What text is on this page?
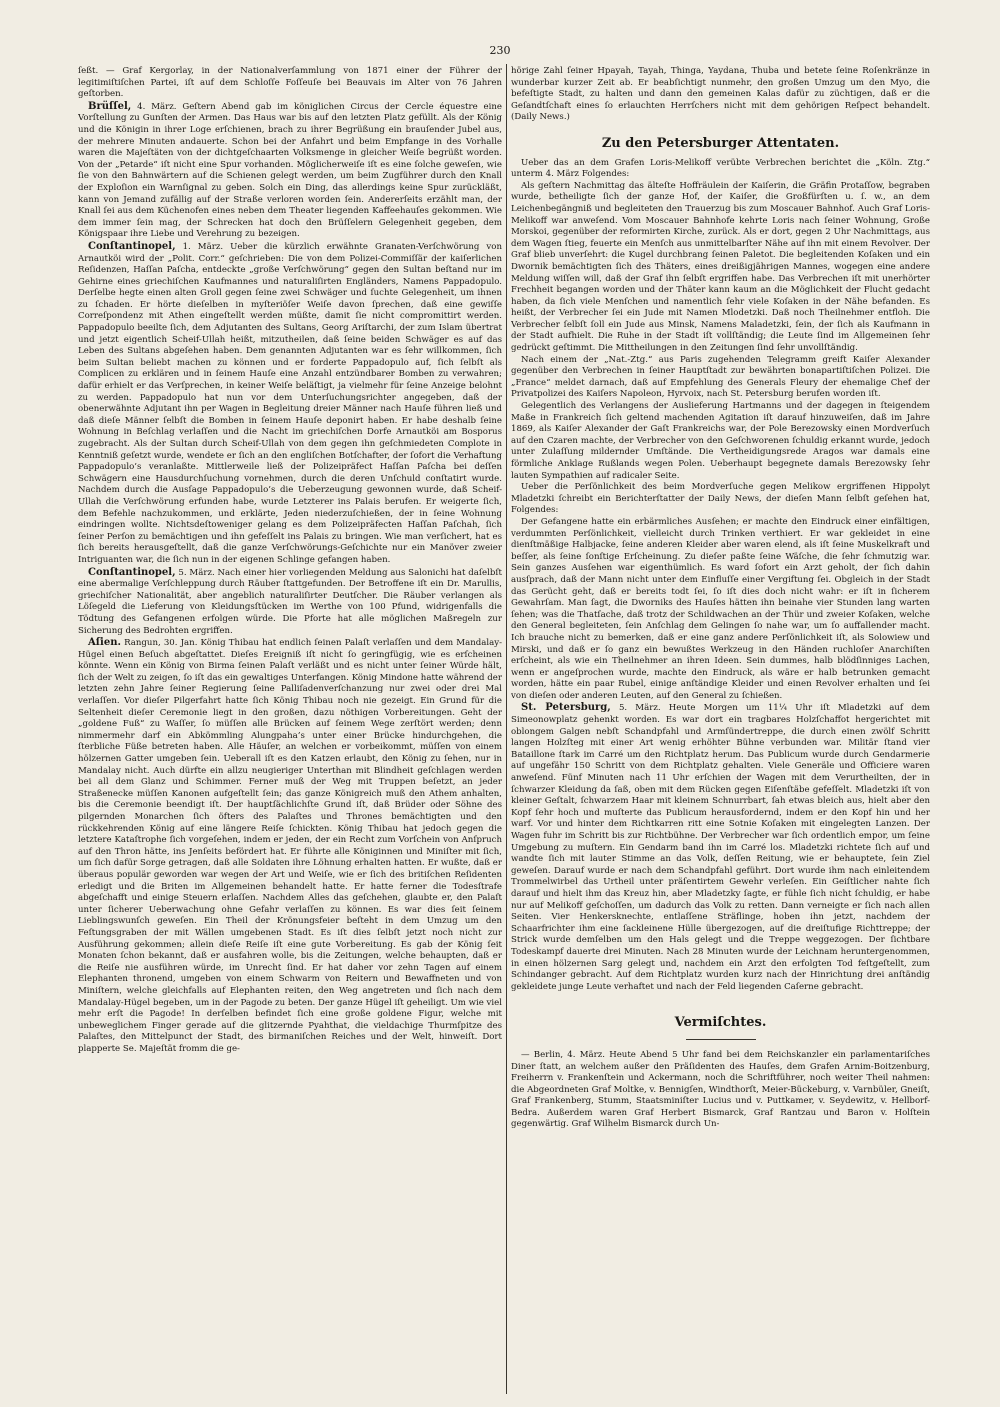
230

ſeßt. — Graf Kergorlay, in der Nationalverſammlung von 1871 einer der Führer der legitimiſtiſchen Partei, iſt auf dem Schloſſe Foſſeuſe bei Beauvais im Alter von 76 Jahren geſtorben.

Brüſſel, 4. März. Geſtern Abend gab im königlichen Circus der Cercle équestre eine Vorſtellung zu Gunſten der Armen. Das Haus war bis auf den letzten Platz gefüllt. Als der König und die Königin in ihrer Loge erſchienen, brach zu ihrer Begrüßung ein brauſender Jubel aus, der mehrere Minuten andauerte. Schon bei der Anfahrt und beim Empfange in des Vorhalle waren die Majeſtäten von der dichtgeſchaarten Volksmenge in gleicher Weiſe begrüßt worden. Von der „Petarde“ iſt nicht eine Spur vorhanden. Möglicherweiſe iſt es eine ſolche geweſen, wie ſie von den Bahnwärtern auf die Schienen gelegt werden, um beim Zugführer durch den Knall der Exploſion ein Warnſignal zu geben. Solch ein Ding, das allerdings keine Spur zurückläßt, kann von Jemand zufällig auf der Straße verloren worden ſein. Andererſeits erzählt man, der Knall ſei aus dem Küchenofen eines neben dem Theater liegenden Kaffeehauſes gekommen. Wie dem immer ſein mag, der Schrecken hat doch den Brüſſelern Gelegenheit gegeben, dem Königspaar ihre Liebe und Verehrung zu bezeigen.

Conſtantinopel, 1. März. Ueber die kürzlich erwähnte Granaten-Verſchwörung von Arnautköi wird der „Polit. Corr.“ geſchrieben: Die von dem Polizei-Commiſſär der kaiſerlichen Reſidenzen, Haſſan Paſcha, entdeckte „große Verſchwörung“ gegen den Sultan beſtand nur im Gehirne eines griechiſchen Kaufmannes und naturaliſirten Engländers, Namens Pappadopulo. Derſelbe hegte einen alten Groll gegen ſeine zwei Schwäger und ſuchte Gelegenheit, um ihnen zu ſchaden. Er hörte dieſelben in myſteriöſer Weiſe davon ſprechen, daß eine gewiſſe Correſpondenz mit Athen eingeſtellt werden müßte, damit ſie nicht compromittirt werden. Pappadopulo beeilte ſich, dem Adjutanten des Sultans, Georg Ariſtarchi, der zum Islam übertrat und jetzt eigentlich Scheif-Ullah heißt, mitzutheilen, daß ſeine beiden Schwäger es auf das Leben des Sultans abgeſehen haben. Dem genannten Adjutanten war es ſehr willkommen, ſich beim Sultan beliebt machen zu können und er forderte Pappadopulo auf, ſich ſelbſt als Complicen zu erklären und in ſeinem Hauſe eine Anzahl entzündbarer Bomben zu verwahren; dafür erhielt er das Verſprechen, in keiner Weiſe beläſtigt, ja vielmehr für ſeine Anzeige belohnt zu werden. Pappadopulo hat nun vor dem Unterſuchungsrichter angegeben, daß der obenerwähnte Adjutant ihn per Wagen in Begleitung dreier Männer nach Hauſe führen ließ und daß dieſe Männer ſelbſt die Bomben in ſeinem Hauſe deponirt haben. Er habe deshalb ſeine Wohnung in Beſchlag verlaſſen und die Nacht im griechiſchen Dorfe Arnautköi am Bosporus zugebracht. Als der Sultan durch Scheif-Ullah von dem gegen ihn geſchmiedeten Complote in Kenntniß geſetzt wurde, wendete er ſich an den engliſchen Botſchafter, der ſofort die Verhaftung Pappadopulo’s veranlaßte. Mittlerweile ließ der Polizeipräfect Haſſan Paſcha bei deſſen Schwägern eine Hausdurchſuchung vornehmen, durch die deren Unſchuld conſtatirt wurde. Nachdem durch die Ausſage Pappadopulo’s die Ueberzeugung gewonnen wurde, daß Scheif-Ullah die Verſchwörung erfunden habe, wurde Letzterer ins Palais berufen. Er weigerte ſich, dem Befehle nachzukommen, und erklärte, Jeden niederzuſchießen, der in ſeine Wohnung eindringen wollte. Nichtsdeſtoweniger gelang es dem Polizeipräfecten Haſſan Paſchah, ſich ſeiner Perſon zu bemächtigen und ihn gefeſſelt ins Palais zu bringen. Wie man verſichert, hat es ſich bereits herausgeſtellt, daß die ganze Verſchwörungs-Geſchichte nur ein Manöver zweier Intriguanten war, die ſich nun in der eigenen Schlinge gefangen haben.

Conſtantinopel, 5. März. Nach einer hier vorliegenden Meldung aus Salonichi hat daſelbſt eine abermalige Verſchleppung durch Räuber ſtattgefunden. Der Betroffene iſt ein Dr. Marullis, griechiſcher Nationalität, aber angeblich naturaliſirter Deutſcher. Die Räuber verlangen als Löſegeld die Lieferung von Kleidungsſtücken im Werthe von 100 Pfund, widrigenfalls die Tödtung des Gefangenen erfolgen würde. Die Pforte hat alle möglichen Maßregeln zur Sicherung des Bedrohten ergriffen.

Aſien. Rangun, 30. Jan. König Thibau hat endlich ſeinen Palaſt verlaſſen und dem Mandalay-Hügel einen Beſuch abgeſtattet. Dieſes Ereigniß iſt nicht ſo geringfügig, wie es erſcheinen könnte. Wenn ein König von Birma ſeinen Palaſt verläßt und es nicht unter ſeiner Würde hält, ſich der Welt zu zeigen, ſo iſt das ein gewaltiges Unterfangen. König Mindone hatte während der letzten zehn Jahre ſeiner Regierung ſeine Palliſadenverſchanzung nur zwei oder drei Mal verlaſſen. Vor dieſer Pilgerfahrt hatte ſich König Thibau noch nie gezeigt. Ein Grund für die Seltenheit dieſer Ceremonie liegt in den großen, dazu nöthigen Vorbereitungen. Geht der „goldene Fuß“ zu Waſſer, ſo müſſen alle Brücken auf ſeinem Wege zerſtört werden; denn nimmermehr darf ein Abkömmling Alungpaha’s unter einer Brücke hindurchgehen, die ſterbliche Füße betreten haben. Alle Häuſer, an welchen er vorbeikommt, müſſen von einem hölzernen Gatter umgeben ſein. Ueberall iſt es den Katzen erlaubt, den König zu ſehen, nur in Mandalay nicht. Auch dürfte ein allzu neugieriger Unterthan mit Blindheit geſchlagen werden bei all dem Glanz und Schimmer. Ferner muß der Weg mit Truppen beſetzt, an jeder Straßenecke müſſen Kanonen aufgeſtellt ſein; das ganze Königreich muß den Athem anhalten, bis die Ceremonie beendigt iſt. Der hauptſächlichſte Grund iſt, daß Brüder oder Söhne des pilgernden Monarchen ſich öfters des Palaſtes und Thrones bemächtigten und den rückkehrenden König auf eine längere Reiſe ſchickten. König Thibau hat jedoch gegen die letztere Kataſtrophe ſich vorgeſehen, indem er jeden, der ein Recht zum Vorſchein von Anſpruch auf den Thron hätte, ins Jenſeits befördert hat. Er führte alle Königinnen und Miniſter mit ſich, um ſich dafür Sorge getragen, daß alle Soldaten ihre Löhnung erhalten hatten. Er wußte, daß er überaus populär geworden war wegen der Art und Weiſe, wie er ſich des britiſchen Reſidenten erledigt und die Briten im Allgemeinen behandelt hatte. Er hatte ferner die Todesſtrafe abgeſchafft und einige Steuern erlaſſen. Nachdem Alles das geſchehen, glaubte er, den Palaſt unter ſicherer Ueberwachung ohne Gefahr verlaſſen zu können. Es war dies ſeit ſeinem Lieblingswunſch geweſen. Ein Theil der Krönungsfeier beſteht in dem Umzug um den Feſtungsgraben der mit Wällen umgebenen Stadt. Es iſt dies ſelbſt jetzt noch nicht zur Ausführung gekommen; allein dieſe Reiſe iſt eine gute Vorbereitung. Es gab der König ſeit Monaten ſchon bekannt, daß er ausfahren wolle, bis die Zeitungen, welche behaupten, daß er die Reiſe nie ausführen würde, im Unrecht ſind. Er hat daher vor zehn Tagen auf einem Elephanten thronend, umgeben von einem Schwarm von Reitern und Bewaffneten und von Miniſtern, welche gleichfalls auf Elephanten reiten, den Weg angetreten und ſich nach dem Mandalay-Hügel begeben, um in der Pagode zu beten. Der ganze Hügel iſt geheiligt. Um wie viel mehr erſt die Pagode! In derſelben befindet ſich eine große goldene Figur, welche mit unbeweglichem Finger gerade auf die glitzernde Pyahthat, die vieldachige Thurmſpitze des Palaſtes, den Mittelpunct der Stadt, des birmaniſchen Reiches und der Welt, hinweiſt. Dort plapperte Se. Majeſtät fromm die ge-

hörige Zahl ſeiner Hpayah, Tayah, Thinga, Yaydana, Thuba und betete ſeine Roſenkränze in wunderbar kurzer Zeit ab. Er beabſichtigt nunmehr, den großen Umzug um den Myo, die befeſtigte Stadt, zu halten und dann den gemeinen Kalas dafür zu züchtigen, daß er die Geſandtſchaft eines ſo erlauchten Herrſchers nicht mit dem gehörigen Reſpect behandelt. (Daily News.)

Zu den Petersburger Attentaten.

Ueber das an dem Grafen Loris-Melikoff verübte Verbrechen berichtet die „Köln. Ztg.“ unterm 4. März Folgendes:

Als geſtern Nachmittag das älteſte Hoffräulein der Kaiſerin, die Gräfin Protaſſow, begraben wurde, betheiligte ſich der ganze Hof, der Kaiſer, die Großfürſten u. ſ. w., an dem Leichenbegängniß und begleiteten den Trauerzug bis zum Moscauer Bahnhof. Auch Graf Loris-Melikoff war anweſend. Vom Moscauer Bahnhofe kehrte Loris nach ſeiner Wohnung, Große Morskoi, gegenüber der reformirten Kirche, zurück. Als er dort, gegen 2 Uhr Nachmittags, aus dem Wagen ſtieg, feuerte ein Menſch aus unmittelbarſter Nähe auf ihn mit einem Revolver. Der Graf blieb unverſehrt: die Kugel durchbrang ſeinen Paletot. Die begleitenden Koſaken und ein Dwornik bemächtigten ſich des Thäters, eines dreißigjährigen Mannes, wogegen eine andere Meldung wiſſen will, daß der Graf ihn ſelbſt ergriffen habe. Das Verbrechen iſt mit unerhörter Frechheit begangen worden und der Thäter kann kaum an die Möglichkeit der Flucht gedacht haben, da ſich viele Menſchen und namentlich ſehr viele Koſaken in der Nähe befanden. Es heißt, der Verbrecher ſei ein Jude mit Namen Mlodetzki. Daß noch Theilnehmer entfloh. Die Verbrecher ſelbſt ſoll ein Jude aus Minsk, Namens Maladetzki, ſein, der ſich als Kaufmann in der Stadt aufhielt. Die Ruhe in der Stadt iſt vollſtändig; die Leute ſind im Allgemeinen ſehr gedrückt geſtimmt. Die Mittheilungen in den Zeitungen ſind ſehr unvollſtändig.

Nach einem der „Nat.-Ztg.“ aus Paris zugehenden Telegramm greift Kaiſer Alexander gegenüber den Verbrechen in ſeiner Hauptſtadt zur bewährten bonapartiſtiſchen Polizei. Die „France“ meldet darnach, daß auf Empfehlung des Generals Fleury der ehemalige Chef der Privatpolizei des Kaiſers Napoleon, Hyrvoix, nach St. Petersburg berufen worden iſt.

Gelegentlich des Verlangens der Auslieferung Hartmanns und der dagegen in ſteigendem Maße in Frankreich ſich geltend machenden Agitation iſt darauf hinzuweiſen, daß im Jahre 1869, als Kaiſer Alexander der Gaſt Frankreichs war, der Pole Berezowsky einen Mordverſuch auf den Czaren machte, der Verbrecher von den Geſchworenen ſchuldig erkannt wurde, jedoch unter Zulaſſung mildernder Umſtände. Die Vertheidigungsrede Aragos war damals eine förmliche Anklage Rußlands wegen Polen. Ueberhaupt begegnete damals Berezowsky ſehr lauten Sympathien auf radicaler Seite.

Ueber die Perſönlichkeit des beim Mordverſuche gegen Melikow ergriffenen Hippolyt Mladetzki ſchreibt ein Berichterſtatter der Daily News, der dieſen Mann ſelbſt geſehen hat, Folgendes:

Der Gefangene hatte ein erbärmliches Ausſehen; er machte den Eindruck einer einfältigen, verdummten Perſönlichkeit, vielleicht durch Trinken verthiert. Er war gekleidet in eine dienſtmäßige Halbjacke, ſeine anderen Kleider aber waren elend, als iſt ſeine Muskelkraft und beſſer, als ſeine ſonſtige Erſcheinung. Zu dieſer paßte ſeine Wäſche, die ſehr ſchmutzig war. Sein ganzes Ausſehen war eigenthümlich. Es ward ſofort ein Arzt geholt, der ſich dahin ausſprach, daß der Mann nicht unter dem Einfluſſe einer Vergiftung ſei. Obgleich in der Stadt das Gerücht geht, daß er bereits todt ſei, ſo iſt dies doch nicht wahr: er iſt in ſicherem Gewahrſam. Man ſagt, die Dworniks des Hauſes hätten ihn beinahe vier Stunden lang warten ſehen; was die Thatſache, daß trotz der Schildwachen an der Thür und zweier Koſaken, welche den General begleiteten, ſein Anſchlag dem Gelingen ſo nahe war, um ſo auffallender macht. Ich brauche nicht zu bemerken, daß er eine ganz andere Perſönlichkeit iſt, als Solowiew und Mirski, und daß er ſo ganz ein bewußtes Werkzeug in den Händen ruchloſer Anarchiſten erſcheint, als wie ein Theilnehmer an ihren Ideen. Sein dummes, halb blödſinniges Lachen, wenn er angeſprochen wurde, machte den Eindruck, als wäre er halb betrunken gemacht worden, hätte ein paar Rubel, einige anſtändige Kleider und einen Revolver erhalten und ſei von dieſen oder anderen Leuten, auf den General zu ſchießen.

St. Petersburg, 5. März. Heute Morgen um 11¼ Uhr iſt Mladetzki auf dem Simeonowplatz gehenkt worden. Es war dort ein tragbares Holzſchaffot hergerichtet mit oblongem Galgen nebſt Schandpfahl und Armſündertreppe, die durch einen zwölf Schritt langen Holzſteg mit einer Art wenig erhöhter Bühne verbunden war. Militär ſtand vier Bataillone ſtark im Carré um den Richtplatz herum. Das Publicum wurde durch Gendarmerie auf ungefähr 150 Schritt von dem Richtplatz gehalten. Viele Generäle und Officiere waren anweſend. Fünf Minuten nach 11 Uhr erſchien der Wagen mit dem Verurtheilten, der in ſchwarzer Kleidung da ſaß, oben mit dem Rücken gegen Eiſenſtäbe gefeſſelt. Mladetzki iſt von kleiner Geſtalt, ſchwarzem Haar mit kleinem Schnurrbart, ſah etwas bleich aus, hielt aber den Kopf ſehr hoch und muſterte das Publicum herausfordernd, indem er den Kopf hin und her warf. Vor und hinter dem Richtkarren ritt eine Sotnie Koſaken mit eingelegten Lanzen. Der Wagen fuhr im Schritt bis zur Richtbühne. Der Verbrecher war ſich ordentlich empor, um ſeine Umgebung zu muſtern. Ein Gendarm band ihn im Carré los. Mladetzki richtete ſich auf und wandte ſich mit lauter Stimme an das Volk, deſſen Reitung, wie er behauptete, ſein Ziel geweſen. Darauf wurde er nach dem Schandpfahl geführt. Dort wurde ihm nach einleitendem Trommelwirbel das Urtheil unter präſentirtem Gewehr verleſen. Ein Geiſtlicher nahte ſich darauf und hielt ihm das Kreuz hin, aber Mladetzky ſagte, er fühle ſich nicht ſchuldig, er habe nur auf Melikoff geſchoſſen, um dadurch das Volk zu retten. Dann verneigte er ſich nach allen Seiten. Vier Henkersknechte, entlaſſene Sträflinge, hoben ihn jetzt, nachdem der Schaarfrichter ihm eine ſackleinene Hülle übergezogen, auf die dreiſtufige Richttreppe; der Strick wurde demſelben um den Hals gelegt und die Treppe weggezogen. Der ſichtbare Todeskampf dauerte drei Minuten. Nach 28 Minuten wurde der Leichnam heruntergenommen, in einen hölzernen Sarg gelegt und, nachdem ein Arzt den erfolgten Tod feſtgeſtellt, zum Schindanger gebracht. Auf dem Richtplatz wurden kurz nach der Hinrichtung drei anſtändig gekleidete junge Leute verhaftet und nach der Feld liegenden Caſerne gebracht.

Vermiſchtes.

— Berlin, 4. März. Heute Abend 5 Uhr fand bei dem Reichskanzler ein parlamentariſches Diner ſtatt, an welchem außer den Präſidenten des Hauſes, dem Grafen Arnim-Boitzenburg, Freiherrn v. Frankenſtein und Ackermann, noch die Schriftführer, noch weiter Theil nahmen: die Abgeordneten Graf Moltke, v. Bennigſen, Windthorſt, Meier-Bückeburg, v. Varnbüler, Gneiſt, Graf Frankenberg, Stumm, Staatsminiſter Lucius und v. Puttkamer, v. Seydewitz, v. Hellborf-Bedra. Außerdem waren Graf Herbert Bismarck, Graf Rantzau und Baron v. Holſtein gegenwärtig. Graf Wilhelm Bismarck durch Un-
